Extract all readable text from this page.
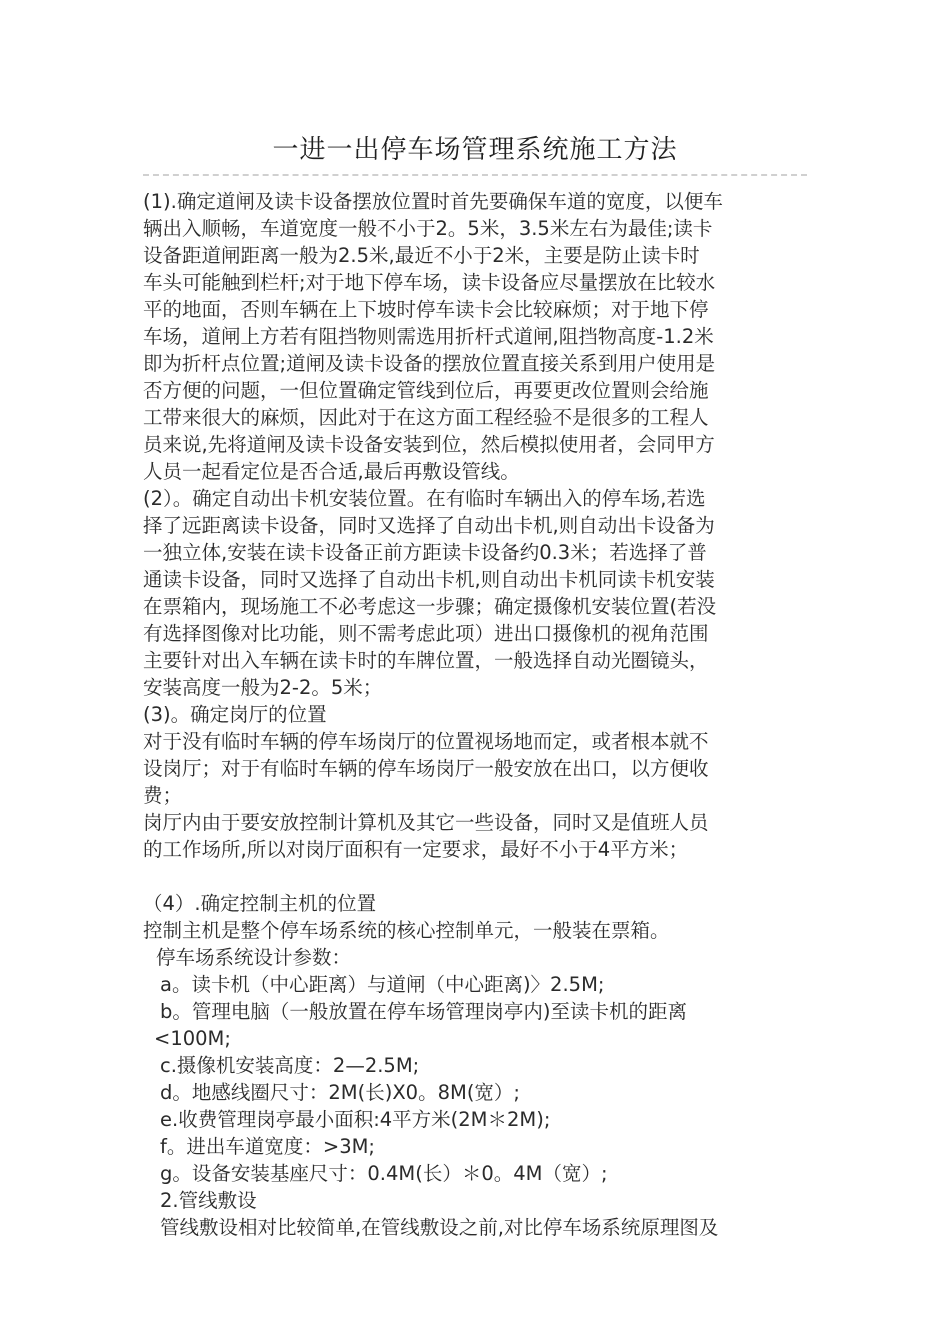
一进一出停车场管理系统施工方法
(1).确定道闸及读卡设备摆放位置时首先要确保车道的宽度，以便车
辆出入顺畅，车道宽度一般不小于2。5米，3.5米左右为最佳;读卡
设备距道闸距离一般为2.5米,最近不小于2米，主要是防止读卡时
车头可能触到栏杆;对于地下停车场，读卡设备应尽量摆放在比较水
平的地面，否则车辆在上下坡时停车读卡会比较麻烦；对于地下停
车场，道闸上方若有阻挡物则需选用折杆式道闸,阻挡物高度-1.2米
即为折杆点位置;道闸及读卡设备的摆放位置直接关系到用户使用是
否方便的问题，一但位置确定管线到位后，再要更改位置则会给施
工带来很大的麻烦，因此对于在这方面工程经验不是很多的工程人
员来说,先将道闸及读卡设备安装到位，然后模拟使用者，会同甲方
人员一起看定位是否合适,最后再敷设管线。
(2）。确定自动出卡机安装位置。在有临时车辆出入的停车场,若选
择了远距离读卡设备，同时又选择了自动出卡机,则自动出卡设备为
一独立体,安装在读卡设备正前方距读卡设备约0.3米；若选择了普
通读卡设备，同时又选择了自动出卡机,则自动出卡机同读卡机安装
在票箱内，现场施工不必考虑这一步骤；确定摄像机安装位置(若没
有选择图像对比功能，则不需考虑此项）进出口摄像机的视角范围
主要针对出入车辆在读卡时的车牌位置，一般选择自动光圈镜头，
安装高度一般为2-2。5米；
(3)。确定岗厅的位置
对于没有临时车辆的停车场岗厅的位置视场地而定，或者根本就不
设岗厅；对于有临时车辆的停车场岗厅一般安放在出口，以方便收
费；
岗厅内由于要安放控制计算机及其它一些设备，同时又是值班人员
的工作场所,所以对岗厅面积有一定要求，最好不小于4平方米；
（4）.确定控制主机的位置
控制主机是整个停车场系统的核心控制单元，一般装在票箱。
停车场系统设计参数：
a。读卡机（中心距离）与道闸（中心距离)〉2.5M;
b。管理电脑（一般放置在停车场管理岗亭内)至读卡机的距离
<100M;
c.摄像机安装高度：2—2.5M;
d。地感线圈尺寸：2M(长)X0。8M(宽）;
e.收费管理岗亭最小面积:4平方米(2M＊2M);
f。进出车道宽度：>3M;
g。设备安装基座尺寸：0.4M(长）＊0。4M（宽）;
2.管线敷设
管线敷设相对比较简单,在管线敷设之前,对比停车场系统原理图及
